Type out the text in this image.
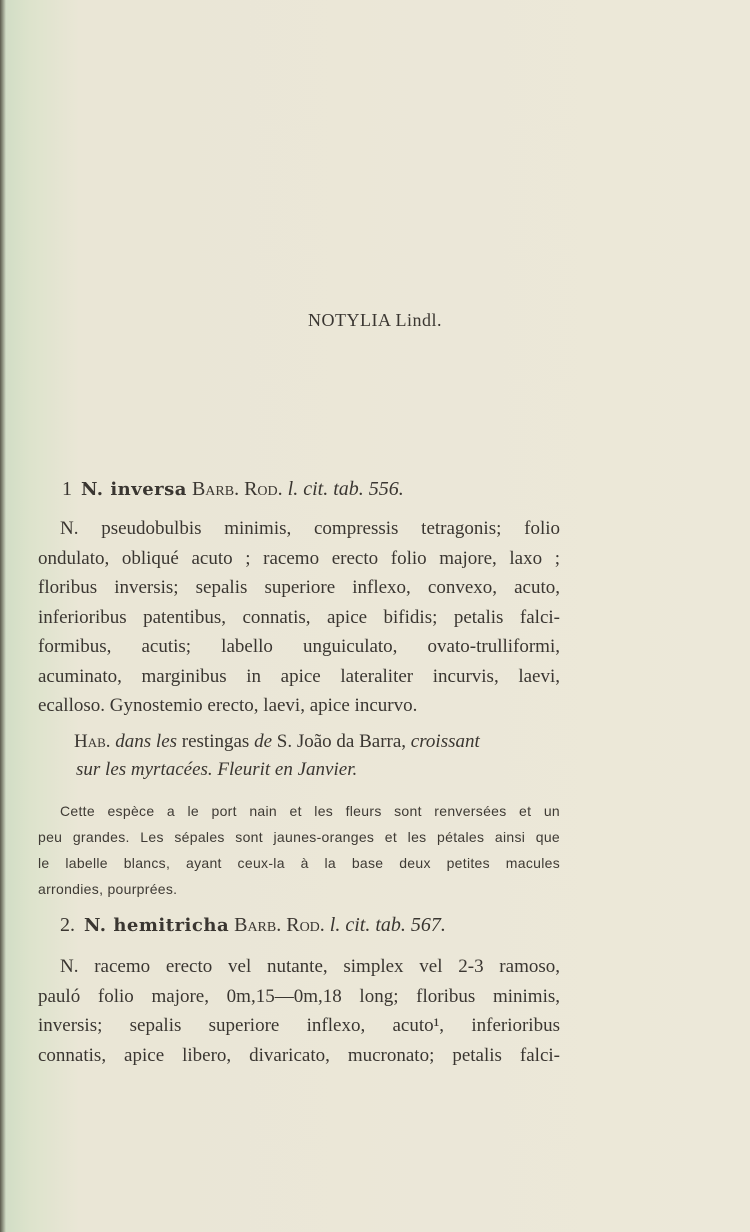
NOTYLIA Lindl.
1 N. inversa Barb. Rod. l. cit. tab. 556.
N. pseudobulbis minimis, compressis tetragonis; folio
ondulato, obliqué acuto ; racemo erecto folio majore, laxo ;
floribus inversis; sepalis superiore inflexo, convexo, acuto,
inferioribus patentibus, connatis, apice bifidis; petalis falci-
formibus, acutis; labello unguiculato, ovato-trulliformi,
acuminato, marginibus in apice lateraliter incurvis, laevi,
ecalloso. Gynostemio erecto, laevi, apice incurvo.
Hab. dans les restingas de S. João da Barra, croissant
sur les myrtacées. Fleurit en Janvier.
Cette espèce a le port nain et les fleurs sont renversées et un
peu grandes. Les sépales sont jaunes-oranges et les pétales ainsi que
le labelle blancs, ayant ceux-la à la base deux petites macules
arrondies, pourprées.
2. N. hemitricha Barb. Rod. l. cit. tab. 567.
N. racemo erecto vel nutante, simplex vel 2-3 ramoso,
pauló folio majore, 0m,15—0m,18 long; floribus minimis,
inversis; sepalis superiore inflexo, acuto¹, inferioribus
connatis, apice libero, divaricato, mucronato; petalis falci-
